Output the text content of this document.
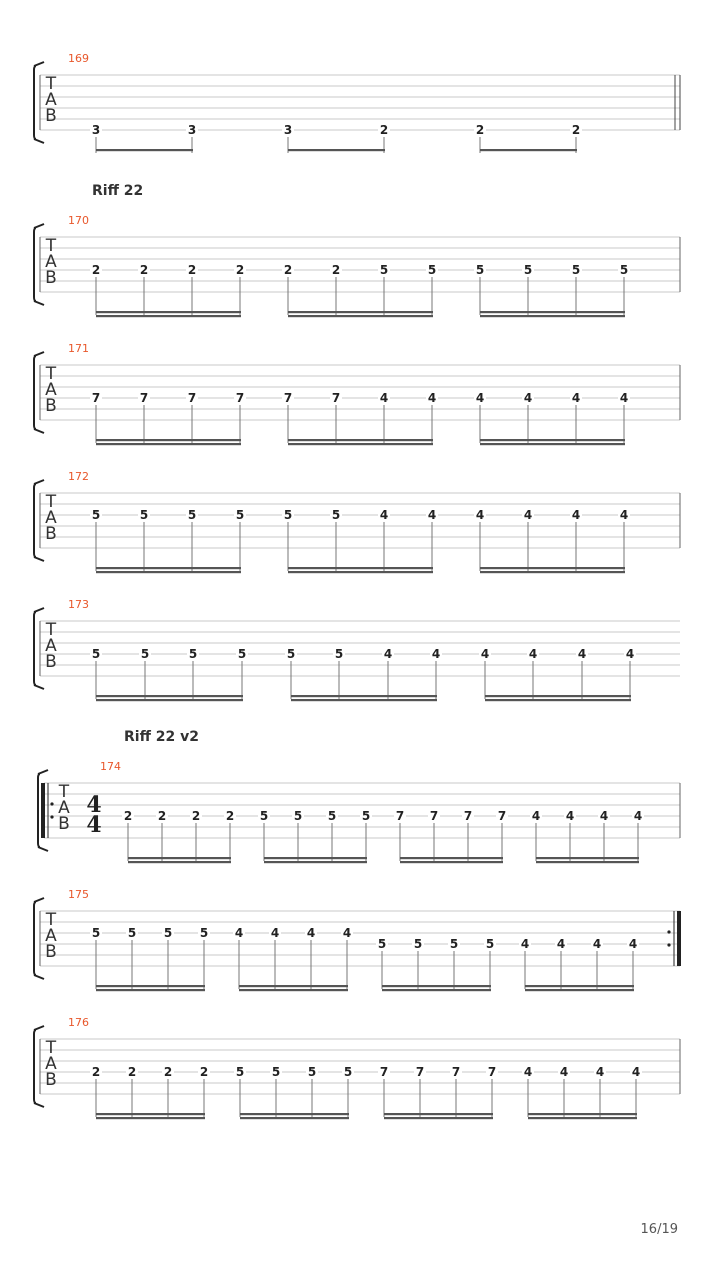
169
T
A
B
3	3	3	2	2	2
Riff 22
170
T
A
B	2	2	2	2	2	2	5	5	5	5	5	5
171
T
A
B	7	7	7	7	7	7	4	4	4	4	4	4
172
T
A
B
5	5	5	5	5	5	4	4	4	4	4	4
173
T
A
B	5	5	5	5	5	5	4	4	4	4	4	4
Riff 22 v2
174
T
A
B
4
4 2 2 2 2 5 5 5 5 7 7 7 7 4 4 4 4
175
T
A
B
5 5 5 5 4 4 4 4
5 5 5 5 4 4 4 4
176
T
A
B	2 2 2 2 5 5 5 5 7 7 7 7 4 4 4 4
16/19
